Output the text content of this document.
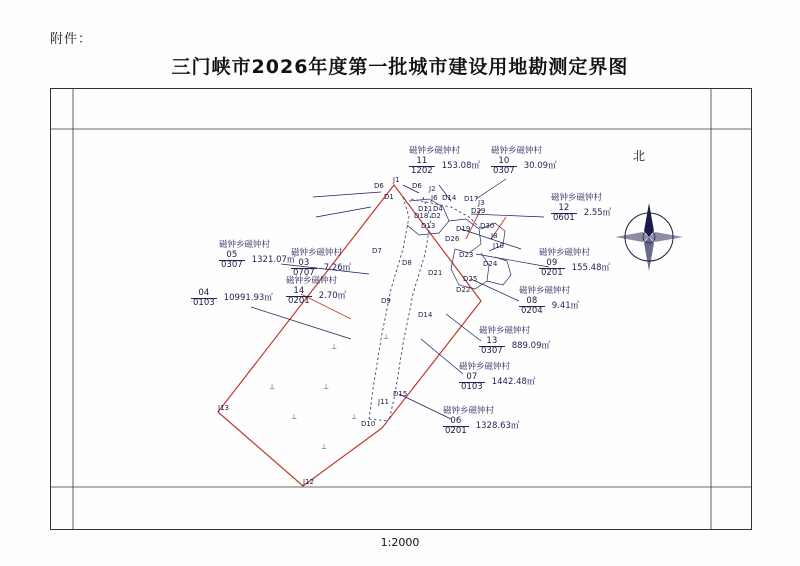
附件：
三门峡市2026年度第一批城市建设用地勘测定界图
⊥
⊥
⊥
⊥
⊥
⊥
⊥
北
磁钟乡磁钟村
$\frac{03}{0707}$ 7.26㎡
磁钟乡磁钟村
$\frac{14}{0201}$ 2.70㎡
磁钟乡磁钟村
$\frac{11}{1202}$ 153.08㎡
磁钟乡磁钟村
$\frac{10}{0307}$ 30.09㎡
磁钟乡磁钟村
$\frac{12}{0601}$ 2.55㎡
磁钟乡磁钟村
$\frac{05}{0307}$ 1321.07㎡
磁钟乡磁钟村
$\frac{09}{0201}$ 155.48㎡
$\frac{04}{0103}$ 10991.93㎡
磁钟乡磁钟村
$\frac{08}{0204}$ 9.41㎡
磁钟乡磁钟村
$\frac{13}{0307}$ 889.09㎡
磁钟乡磁钟村
$\frac{07}{0103}$ 1442.48㎡
磁钟乡磁钟村
$\frac{06}{0201}$ 1328.63㎡
J1
D6	D6 J2
D1	J6 D14 D17 J3
D11 D4	D29
D18 D2
D30
D13	D19
J8
D26
J10
D7	D23
D24
D8
D21
D25
D22
D9
D14
D15
J11
J13
D10
J12
1:2000
